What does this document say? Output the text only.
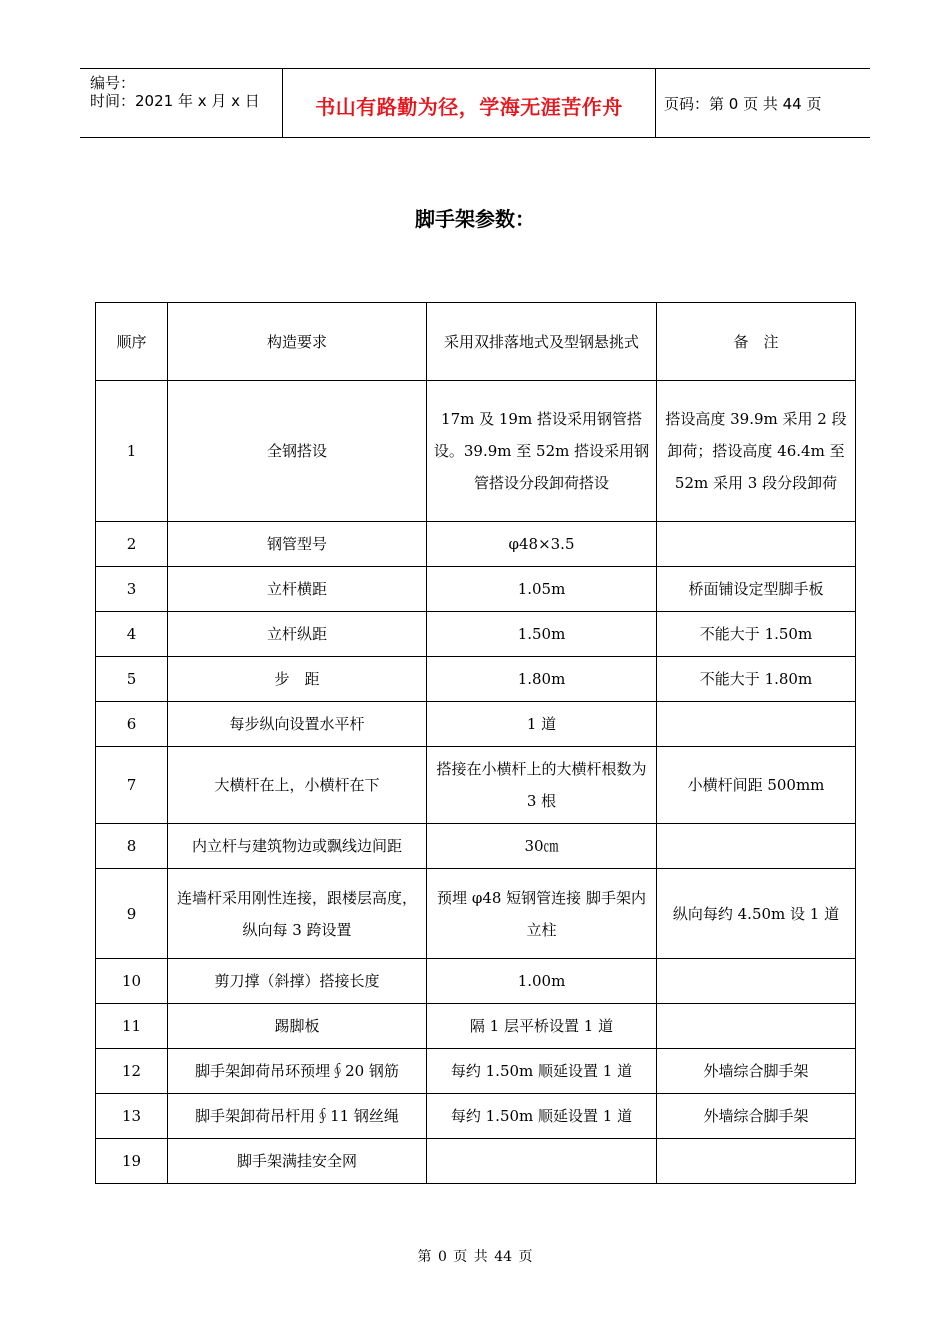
编号：
时间：2021 年 x 月 x 日	书山有路勤为径，学海无涯苦作舟	页码：第 0 页 共 44 页
脚手架参数：
顺序	构造要求	采用双排落地式及型钢悬挑式	备　注
1	全钢搭设	17m 及 19m 搭设采用钢管搭设。39.9m 至 52m 搭设采用钢管搭设分段卸荷搭设	搭设高度 39.9m 采用 2 段卸荷；搭设高度 46.4m 至 52m 采用 3 段分段卸荷
2	钢管型号	φ48×3.5	
3	立杆横距	1.05m	桥面铺设定型脚手板
4	立杆纵距	1.50m	不能大于 1.50m
5	步　距	1.80m	不能大于 1.80m
6	每步纵向设置水平杆	1 道	
7	大横杆在上，小横杆在下	搭接在小横杆上的大横杆根数为 3 根	小横杆间距 500mm
8	内立杆与建筑物边或飘线边间距	30㎝	
9	连墙杆采用刚性连接，跟楼层高度，纵向每 3 跨设置	预埋 φ48 短钢管连接 脚手架内立柱	纵向每约 4.50m 设 1 道
10	剪刀撑（斜撑）搭接长度	1.00m	
11	踢脚板	隔 1 层平桥设置 1 道	
12	脚手架卸荷吊环预埋∮20 钢筋	每约 1.50m 顺延设置 1 道	外墙综合脚手架
13	脚手架卸荷吊杆用∮11 钢丝绳	每约 1.50m 顺延设置 1 道	外墙综合脚手架
19	脚手架满挂安全网		
第 0 页 共 44 页
